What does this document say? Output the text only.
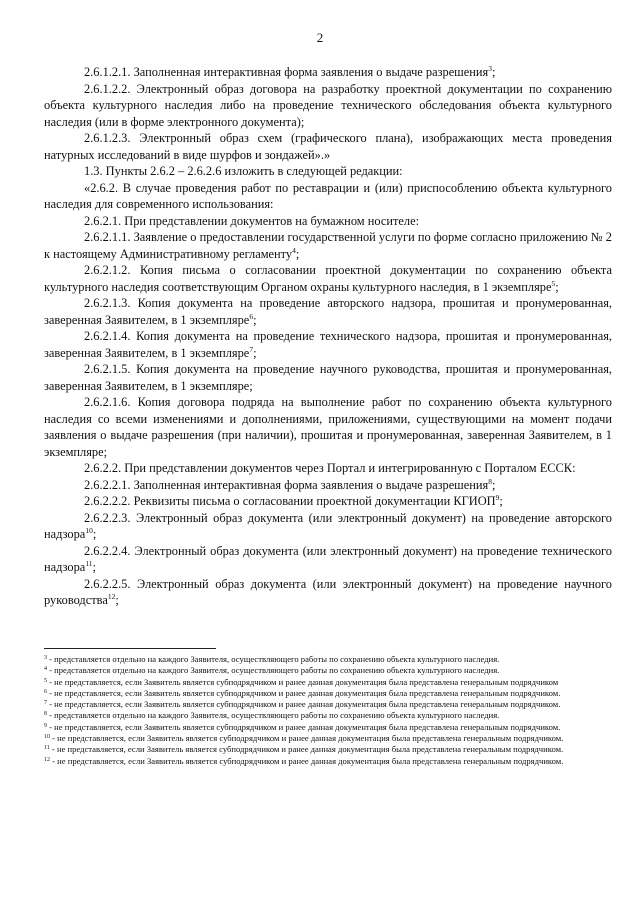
2

2.6.1.2.1. Заполненная интерактивная форма заявления о выдаче разрешения$^3$;

2.6.1.2.2. Электронный образ договора на разработку проектной документации по сохранению объекта культурного наследия либо на проведение технического обследования объекта культурного наследия (или в форме электронного документа);

2.6.1.2.3. Электронный образ схем (графического плана), изображающих места проведения натурных исследований в виде шурфов и зондажей».»

1.3. Пункты 2.6.2 – 2.6.2.6 изложить в следующей редакции:

«2.6.2. В случае проведения работ по реставрации и (или) приспособлению объекта культурного наследия для современного использования:

2.6.2.1. При представлении документов на бумажном носителе:

2.6.2.1.1. Заявление о предоставлении государственной услуги по форме согласно приложению № 2 к настоящему Административному регламенту$^4$;

2.6.2.1.2. Копия письма о согласовании проектной документации по сохранению объекта культурного наследия соответствующим Органом охраны культурного наследия, в 1 экземпляре$^5$;

2.6.2.1.3. Копия документа на проведение авторского надзора, прошитая и пронумерованная, заверенная Заявителем, в 1 экземпляре$^6$;

2.6.2.1.4. Копия документа на проведение технического надзора, прошитая и пронумерованная, заверенная Заявителем, в 1 экземпляре$^7$;

2.6.2.1.5. Копия документа на проведение научного руководства, прошитая и пронумерованная, заверенная Заявителем, в 1 экземпляре;

2.6.2.1.6. Копия договора подряда на выполнение работ по сохранению объекта культурного наследия со всеми изменениями и дополнениями, приложениями, существующими на момент подачи заявления о выдаче разрешения (при наличии), прошитая и пронумерованная, заверенная Заявителем, в 1 экземпляре;

2.6.2.2. При представлении документов через Портал и интегрированную с Порталом ЕССК:

2.6.2.2.1. Заполненная интерактивная форма заявления о выдаче разрешения$^8$;

2.6.2.2.2. Реквизиты письма о согласовании проектной документации КГИОП$^9$;

2.6.2.2.3. Электронный образ документа (или электронный документ) на проведение авторского надзора$^{10}$;

2.6.2.2.4. Электронный образ документа (или электронный документ) на проведение технического надзора$^{11}$;

2.6.2.2.5. Электронный образ документа (или электронный документ) на проведение научного руководства$^{12}$;

$^3$ - представляется отдельно на каждого Заявителя, осуществляющего работы по сохранению объекта культурного наследия.

$^4$ - представляется отдельно на каждого Заявителя, осуществляющего работы по сохранению объекта культурного наследия.

$^5$ - не представляется, если Заявитель является субподрядчиком и ранее данная документация была представлена генеральным подрядчиком

$^6$ - не представляется, если Заявитель является субподрядчиком и ранее данная документация была представлена генеральным подрядчиком.

$^7$ - не представляется, если Заявитель является субподрядчиком и ранее данная документация была представлена генеральным подрядчиком.

$^8$ - представляется отдельно на каждого Заявителя, осуществляющего работы по сохранению объекта культурного наследия.

$^9$ - не представляется, если Заявитель является субподрядчиком и ранее данная документация была представлена генеральным подрядчиком.

$^{10}$ - не представляется, если Заявитель является субподрядчиком и ранее данная документация была представлена генеральным подрядчиком.

$^{11}$ - не представляется, если Заявитель является субподрядчиком и ранее данная документация была представлена генеральным подрядчиком.

$^{12}$ - не представляется, если Заявитель является субподрядчиком и ранее данная документация была представлена генеральным подрядчиком.
